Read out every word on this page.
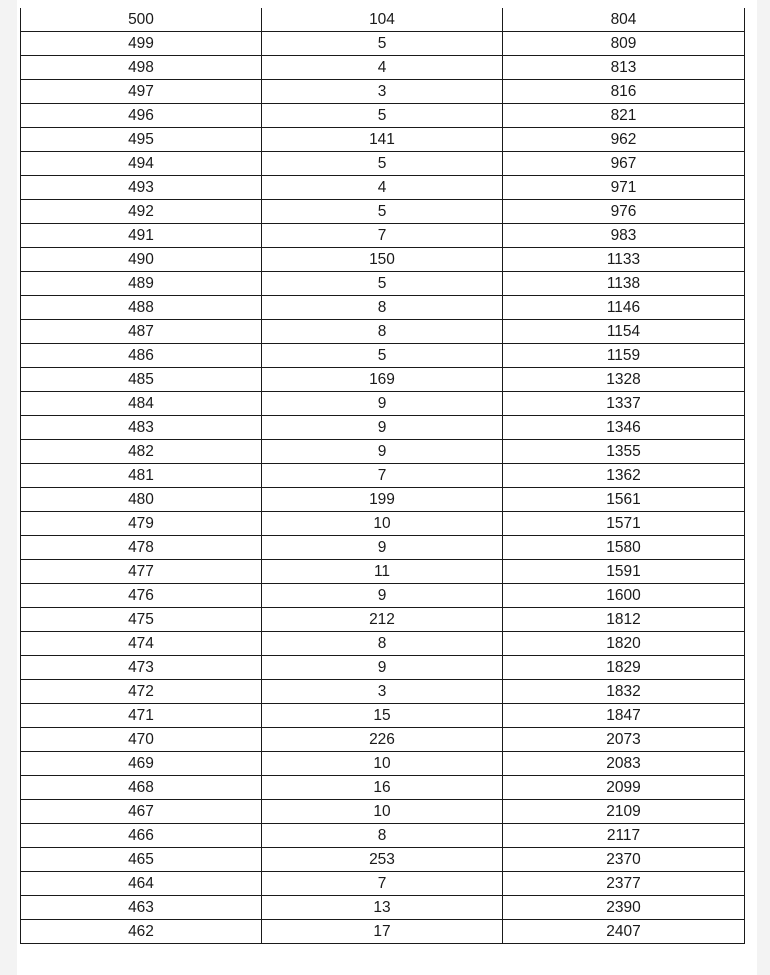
500	104	804
499	5	809
498	4	813
497	3	816
496	5	821
495	141	962
494	5	967
493	4	971
492	5	976
491	7	983
490	150	1133
489	5	1138
488	8	1146
487	8	1154
486	5	1159
485	169	1328
484	9	1337
483	9	1346
482	9	1355
481	7	1362
480	199	1561
479	10	1571
478	9	1580
477	11	1591
476	9	1600
475	212	1812
474	8	1820
473	9	1829
472	3	1832
471	15	1847
470	226	2073
469	10	2083
468	16	2099
467	10	2109
466	8	2117
465	253	2370
464	7	2377
463	13	2390
462	17	2407
